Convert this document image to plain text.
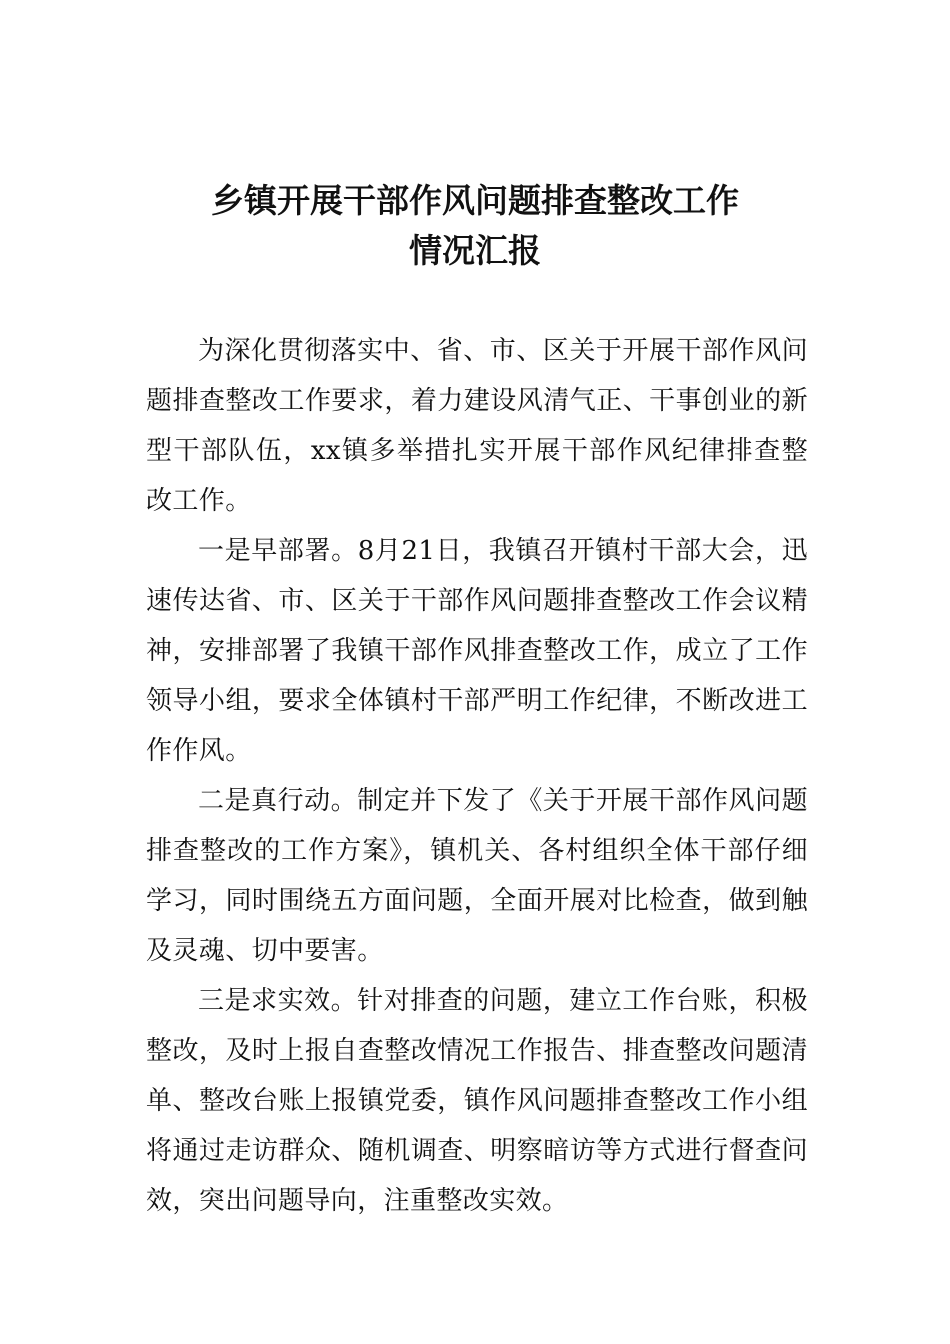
乡镇开展干部作风问题排查整改工作
情况汇报

为深化贯彻落实中、省、市、区关于开展干部作风问题排查整改工作要求，着力建设风清气正、干事创业的新型干部队伍，xx镇多举措扎实开展干部作风纪律排查整改工作。

一是早部署。8月21日，我镇召开镇村干部大会，迅速传达省、市、区关于干部作风问题排查整改工作会议精神，安排部署了我镇干部作风排查整改工作，成立了工作领导小组，要求全体镇村干部严明工作纪律，不断改进工作作风。

二是真行动。制定并下发了《关于开展干部作风问题排查整改的工作方案》，镇机关、各村组织全体干部仔细学习，同时围绕五方面问题，全面开展对比检查，做到触及灵魂、切中要害。

三是求实效。针对排查的问题，建立工作台账，积极整改，及时上报自查整改情况工作报告、排查整改问题清单、整改台账上报镇党委，镇作风问题排查整改工作小组将通过走访群众、随机调查、明察暗访等方式进行督查问效，突出问题导向，注重整改实效。
